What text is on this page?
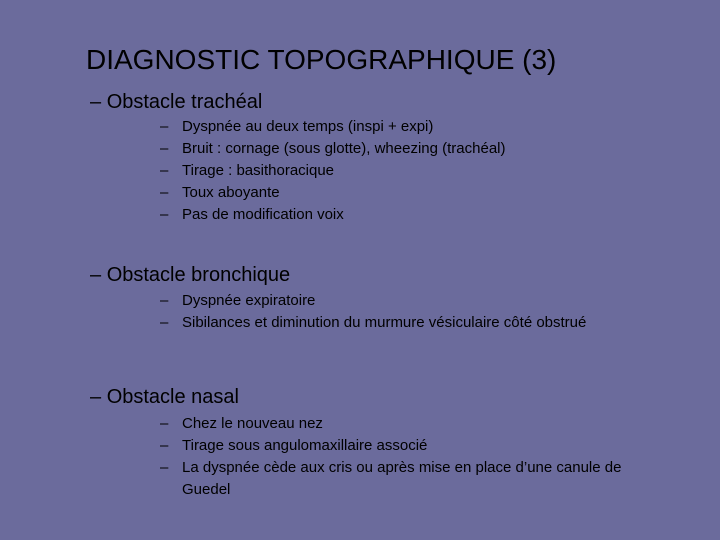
DIAGNOSTIC TOPOGRAPHIQUE (3)
– Obstacle trachéal
– Dyspnée au deux temps (inspi + expi)
– Bruit : cornage (sous glotte), wheezing (trachéal)
– Tirage : basithoracique
– Toux aboyante
– Pas de modification voix
– Obstacle bronchique
– Dyspnée expiratoire
– Sibilances et diminution du murmure vésiculaire côté obstrué
– Obstacle nasal
– Chez le nouveau nez
– Tirage sous angulomaxillaire associé
– La dyspnée cède aux cris ou après mise en place d’une canule de Guedel
